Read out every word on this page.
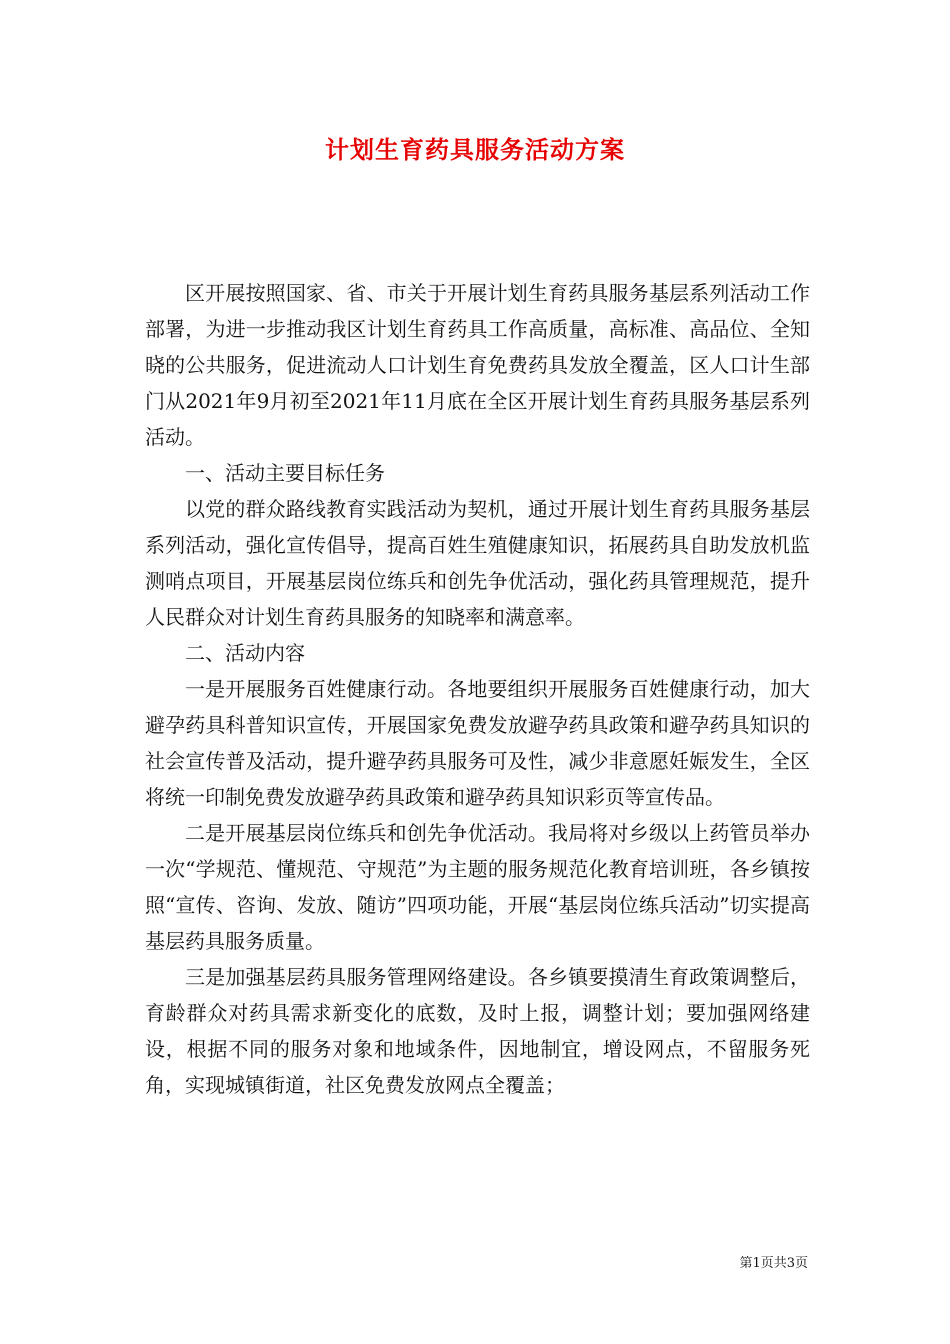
计划生育药具服务活动方案

区开展按照国家、省、市关于开展计划生育药具服务基层系列活动工作部署，为进一步推动我区计划生育药具工作高质量，高标准、高品位、全知晓的公共服务，促进流动人口计划生育免费药具发放全覆盖，区人口计生部门从2021年9月初至2021年11月底在全区开展计划生育药具服务基层系列活动。

一、活动主要目标任务

以党的群众路线教育实践活动为契机，通过开展计划生育药具服务基层系列活动，强化宣传倡导，提高百姓生殖健康知识，拓展药具自助发放机监测哨点项目，开展基层岗位练兵和创先争优活动，强化药具管理规范，提升人民群众对计划生育药具服务的知晓率和满意率。

二、活动内容

一是开展服务百姓健康行动。各地要组织开展服务百姓健康行动，加大避孕药具科普知识宣传，开展国家免费发放避孕药具政策和避孕药具知识的社会宣传普及活动，提升避孕药具服务可及性，减少非意愿妊娠发生，全区将统一印制免费发放避孕药具政策和避孕药具知识彩页等宣传品。

二是开展基层岗位练兵和创先争优活动。我局将对乡级以上药管员举办一次“学规范、懂规范、守规范”为主题的服务规范化教育培训班，各乡镇按照“宣传、咨询、发放、随访”四项功能，开展“基层岗位练兵活动”切实提高基层药具服务质量。

三是加强基层药具服务管理网络建设。各乡镇要摸清生育政策调整后，育龄群众对药具需求新变化的底数，及时上报，调整计划；要加强网络建设，根据不同的服务对象和地域条件，因地制宜，增设网点，不留服务死角，实现城镇街道，社区免费发放网点全覆盖；

第1页共3页
